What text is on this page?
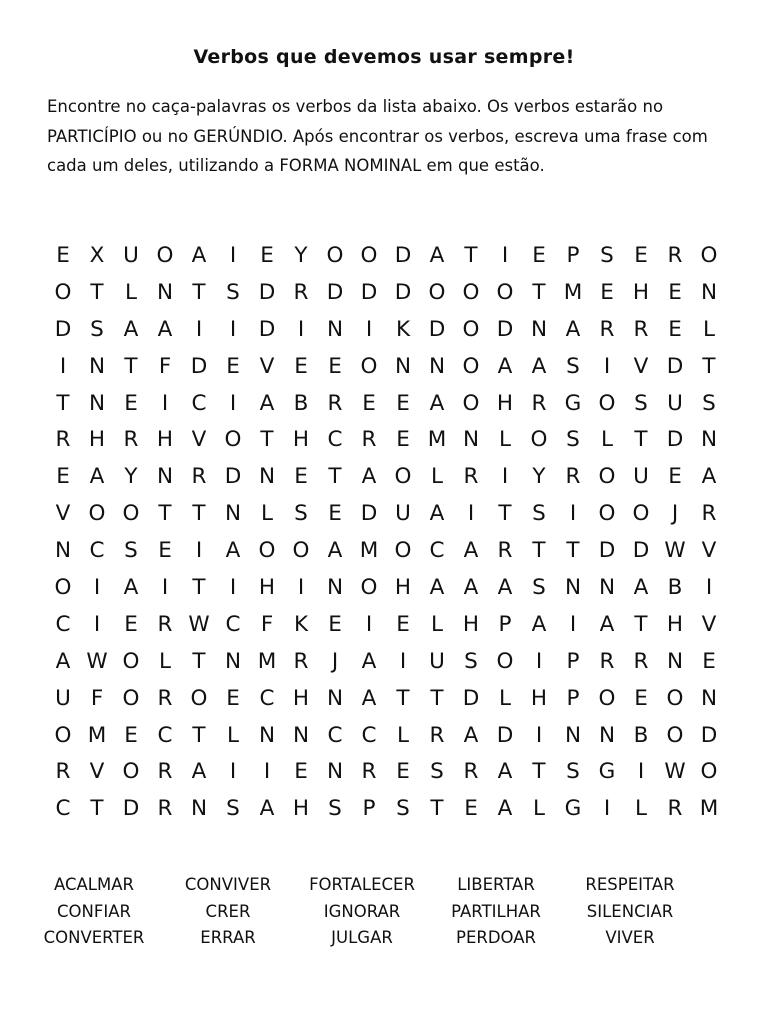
Verbos que devemos usar sempre!
Encontre no caça-palavras os verbos da lista abaixo. Os verbos estarão no PARTICÍPIO ou no GERÚNDIO. Após encontrar os verbos, escreva uma frase com cada um deles, utilizando a FORMA NOMINAL em que estão.
E X U O A	I	E Y O O D A T	I	E P S E R O
O T L N T S D R D D D O O O T M E H E N
D S A A	I	I	D	I	N	I	K D O D N A R R E L
I	N T F D E V E E O N N O A A S	I	V D T
T N E	I	C	I	A B R E E A O H R G O S U S
R H R H V O T H C R E M N L O S L T D N
E A Y N R D N E T A O L R	I	Y R O U E A
V O O T T N L S E D U A	I	T S	I	O O	J	R
N C S E	I	A O O A M O C A R T T D D W V
O	I	A	I	T	I	H	I	N O H A A A S N N A B	I
C	I	E R W C F K E	I	E L H P A	I	A T H V
A W O L T N M R	J	A	I	U S O	I	P R R N E
U F O R O E C H N A T T D L H P O E O N
O M E C T L N N C C L R A D	I	N N B O D
R V O R A	I	I	E N R E S R A T S G	I W O
C T D R N S A H S P S T E A L G	I	L R M
ACALMAR	CONVIVER	FORTALECER	LIBERTAR	RESPEITAR
CONFIAR	CRER	IGNORAR	PARTILHAR	SILENCIAR
CONVERTER	ERRAR	JULGAR	PERDOAR	VIVER
